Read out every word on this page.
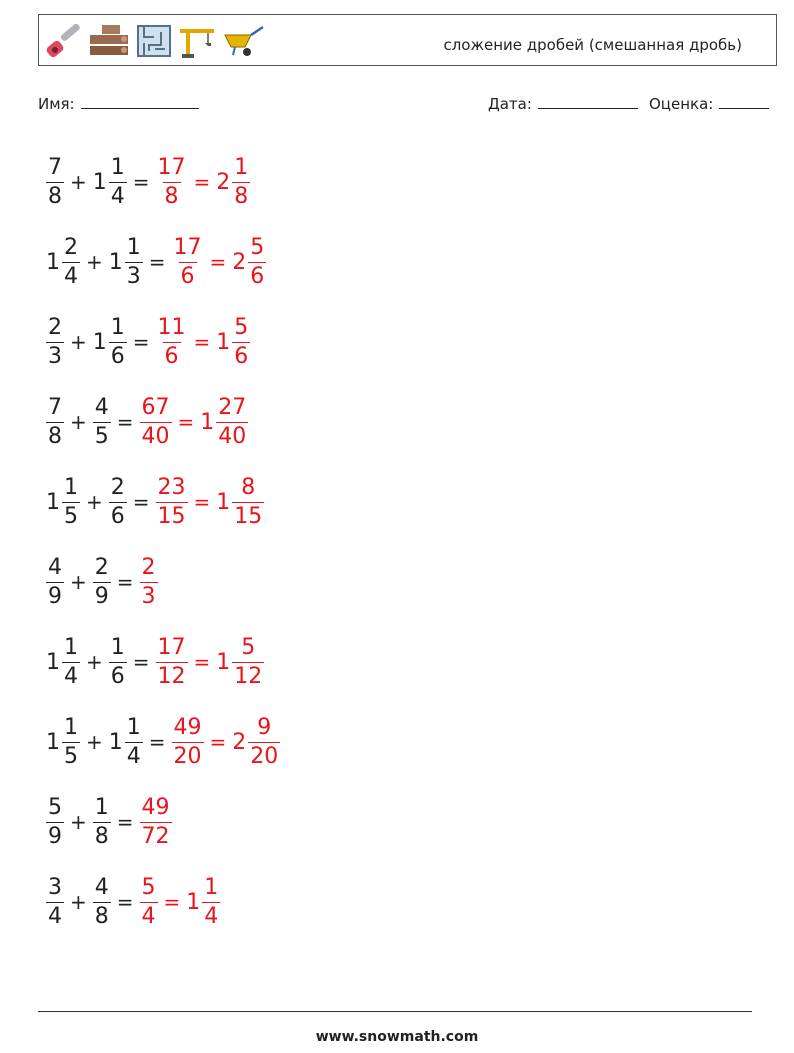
сложение дробей (смешанная дробь)
Имя:	Дата:	Оценка:
$\frac{7}{8} + 1 \frac{1}{4} = \frac{17}{8} = 2 \frac{1}{8}$
$1 \frac{2}{4} + 1 \frac{1}{3} = \frac{17}{6} = 2 \frac{5}{6}$
$\frac{2}{3} + 1 \frac{1}{6} = \frac{11}{6} = 1 \frac{5}{6}$
$\frac{7}{8} + \frac{4}{5} = \frac{67}{40} = 1 \frac{27}{40}$
$1 \frac{1}{5} + \frac{2}{6} = \frac{23}{15} = 1 \frac{8}{15}$
$\frac{4}{9} + \frac{2}{9} = \frac{2}{3}$
$1 \frac{1}{4} + \frac{1}{6} = \frac{17}{12} = 1 \frac{5}{12}$
$1 \frac{1}{5} + 1 \frac{1}{4} = \frac{49}{20} = 2 \frac{9}{20}$
$\frac{5}{9} + \frac{1}{8} = \frac{49}{72}$
$\frac{3}{4} + \frac{4}{8} = \frac{5}{4} = 1 \frac{1}{4}$
www.snowmath.com
